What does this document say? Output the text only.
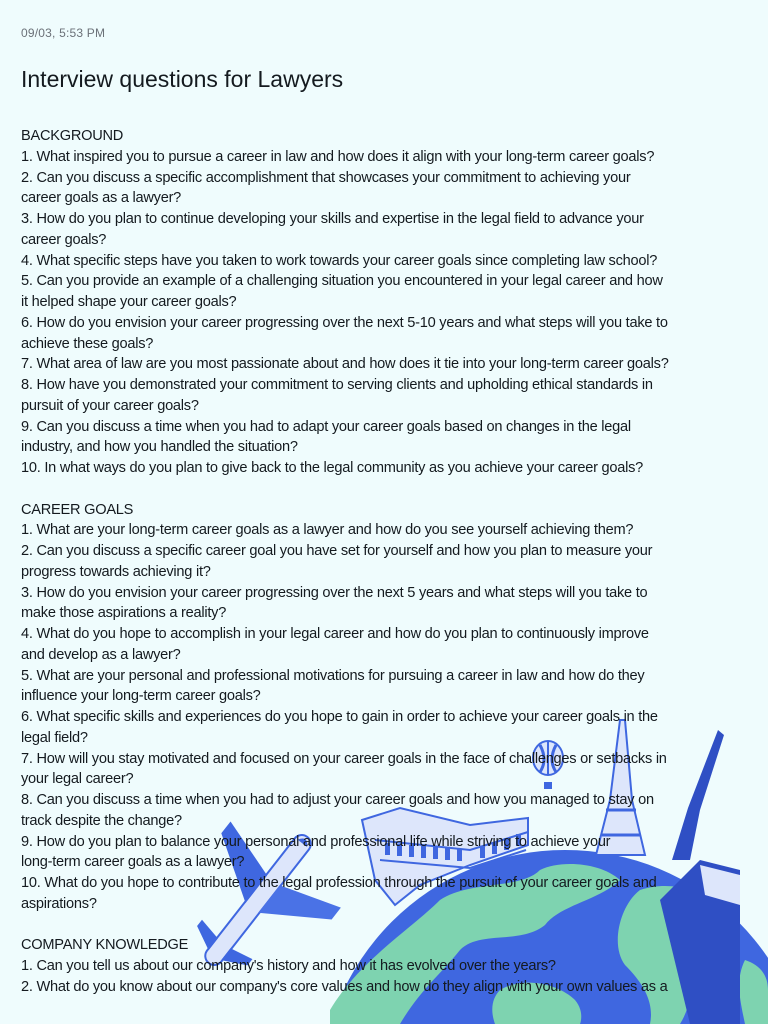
09/03, 5:53 PM
Interview questions for Lawyers
BACKGROUND
1. What inspired you to pursue a career in law and how does it align with your long-term career goals?
2. Can you discuss a specific accomplishment that showcases your commitment to achieving your
career goals as a lawyer?
3. How do you plan to continue developing your skills and expertise in the legal field to advance your
career goals?
4. What specific steps have you taken to work towards your career goals since completing law school?
5. Can you provide an example of a challenging situation you encountered in your legal career and how
it helped shape your career goals?
6. How do you envision your career progressing over the next 5-10 years and what steps will you take to
achieve these goals?
7. What area of law are you most passionate about and how does it tie into your long-term career goals?
8. How have you demonstrated your commitment to serving clients and upholding ethical standards in
pursuit of your career goals?
9. Can you discuss a time when you had to adapt your career goals based on changes in the legal
industry, and how you handled the situation?
10. In what ways do you plan to give back to the legal community as you achieve your career goals?
CAREER GOALS
1. What are your long-term career goals as a lawyer and how do you see yourself achieving them?
2. Can you discuss a specific career goal you have set for yourself and how you plan to measure your
progress towards achieving it?
3. How do you envision your career progressing over the next 5 years and what steps will you take to
make those aspirations a reality?
4. What do you hope to accomplish in your legal career and how do you plan to continuously improve
and develop as a lawyer?
5. What are your personal and professional motivations for pursuing a career in law and how do they
influence your long-term career goals?
6. What specific skills and experiences do you hope to gain in order to achieve your career goals in the
legal field?
7. How will you stay motivated and focused on your career goals in the face of challenges or setbacks in
your legal career?
8. Can you discuss a time when you had to adjust your career goals and how you managed to stay on
track despite the change?
9. How do you plan to balance your personal and professional life while striving to achieve your
long-term career goals as a lawyer?
10. What do you hope to contribute to the legal profession through the pursuit of your career goals and
aspirations?
COMPANY KNOWLEDGE
1. Can you tell us about our company's history and how it has evolved over the years?
2. What do you know about our company's core values and how do they align with your own values as a
